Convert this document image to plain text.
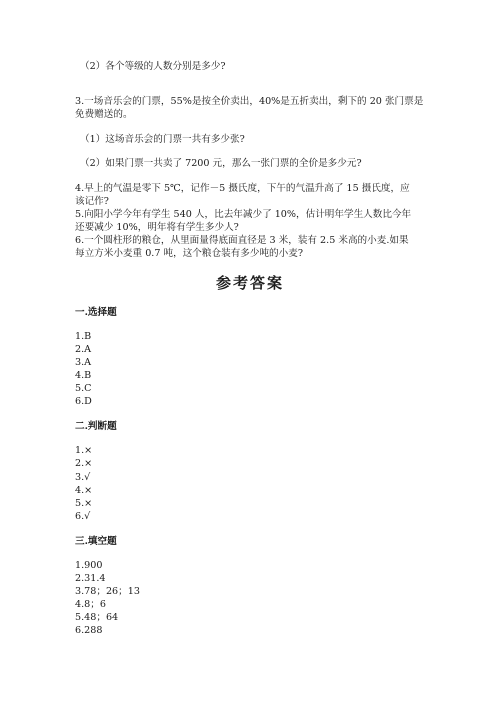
（2）各个等级的人数分别是多少?
3.一场音乐会的门票，55%是按全价卖出，40%是五折卖出，剩下的 20 张门票是
免费赠送的。
（1）这场音乐会的门票一共有多少张?
（2）如果门票一共卖了 7200 元，那么一张门票的全价是多少元?
4.早上的气温是零下 5℃，记作－5 摄氏度，下午的气温升高了 15 摄氏度，应
该记作?
5.向阳小学今年有学生 540 人，比去年减少了 10%，估计明年学生人数比今年
还要减少 10%，明年将有学生多少人?
6.一个圆柱形的粮仓，从里面量得底面直径是 3 米，装有 2.5 米高的小麦.如果
每立方米小麦重 0.7 吨，这个粮仓装有多少吨的小麦?
参考答案
一.选择题
1.B
2.A
3.A
4.B
5.C
6.D
二.判断题
1.×
2.×
3.√
4.×
5.×
6.√
三.填空题
1.900
2.31.4
3.78；26；13
4.8；6
5.48；64
6.288
